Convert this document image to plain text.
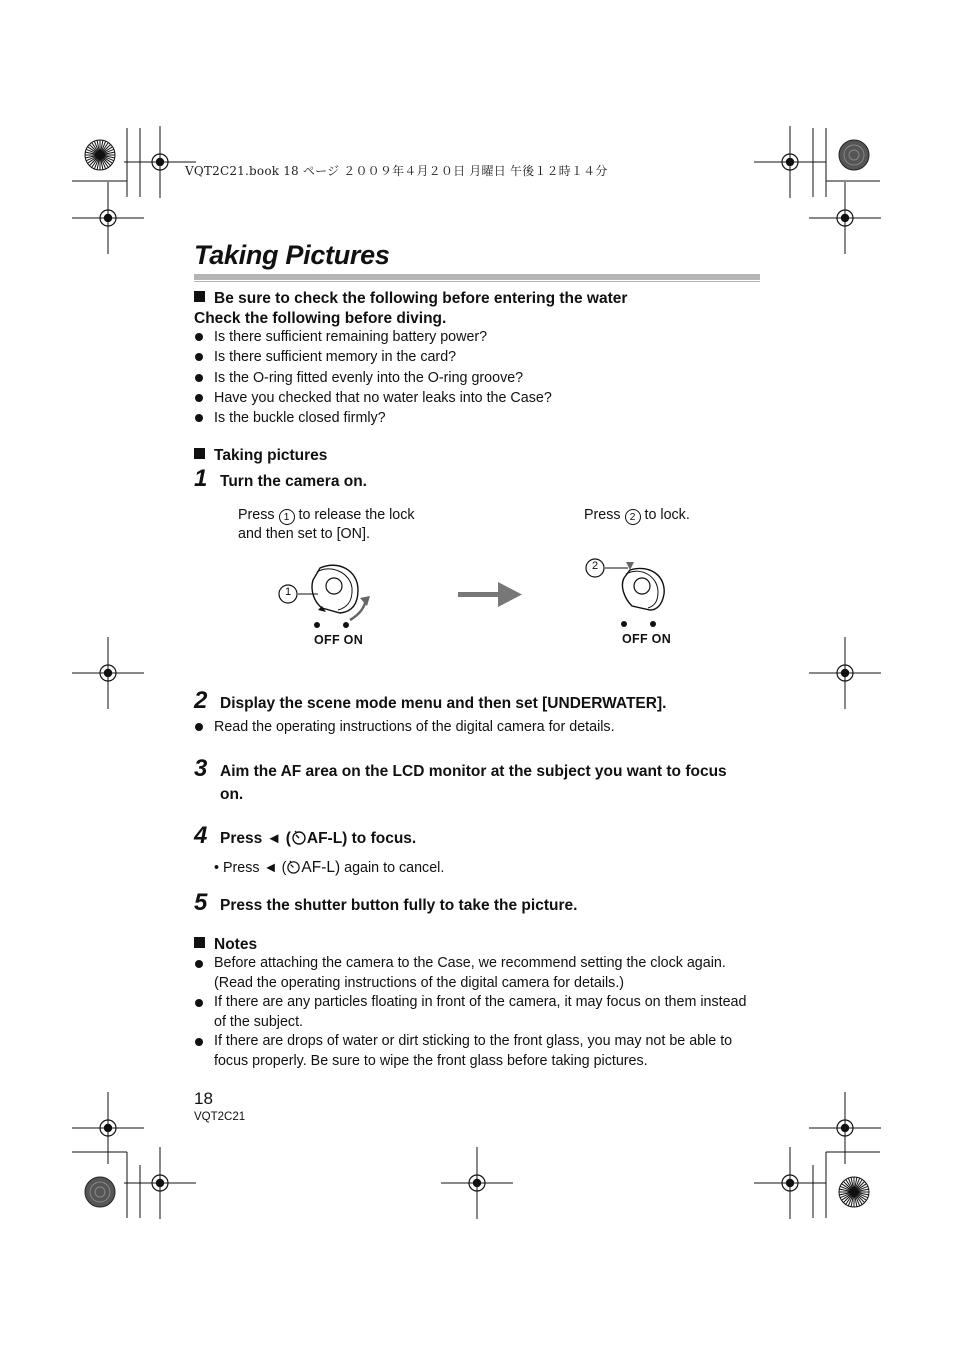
VQT2C21.book 18 ページ ２００９年４月２０日 月曜日 午後１２時１４分
Taking Pictures
Be sure to check the following before entering the water
Check the following before diving.
Is there sufficient remaining battery power?
Is there sufficient memory in the card?
Is the O-ring fitted evenly into the O-ring groove?
Have you checked that no water leaks into the Case?
Is the buckle closed firmly?
Taking pictures
1 Turn the camera on.
Press 1 to release the lock
and then set to [ON].
Press 2 to lock.
1
2
OFF ON	OFF ON
2 Display the scene mode menu and then set [UNDERWATER].
Read the operating instructions of the digital camera for details.
3 Aim the AF area on the LCD monitor at the subject you want to focus
on.
4 Press ◄ ( AF-L) to focus.
• Press ◄ ( AF-L) again to cancel.
5 Press the shutter button fully to take the picture.
Notes
Before attaching the camera to the Case, we recommend setting the clock again.
(Read the operating instructions of the digital camera for details.)
If there are any particles floating in front of the camera, it may focus on them instead
of the subject.
If there are drops of water or dirt sticking to the front glass, you may not be able to
focus properly. Be sure to wipe the front glass before taking pictures.
18
VQT2C21
